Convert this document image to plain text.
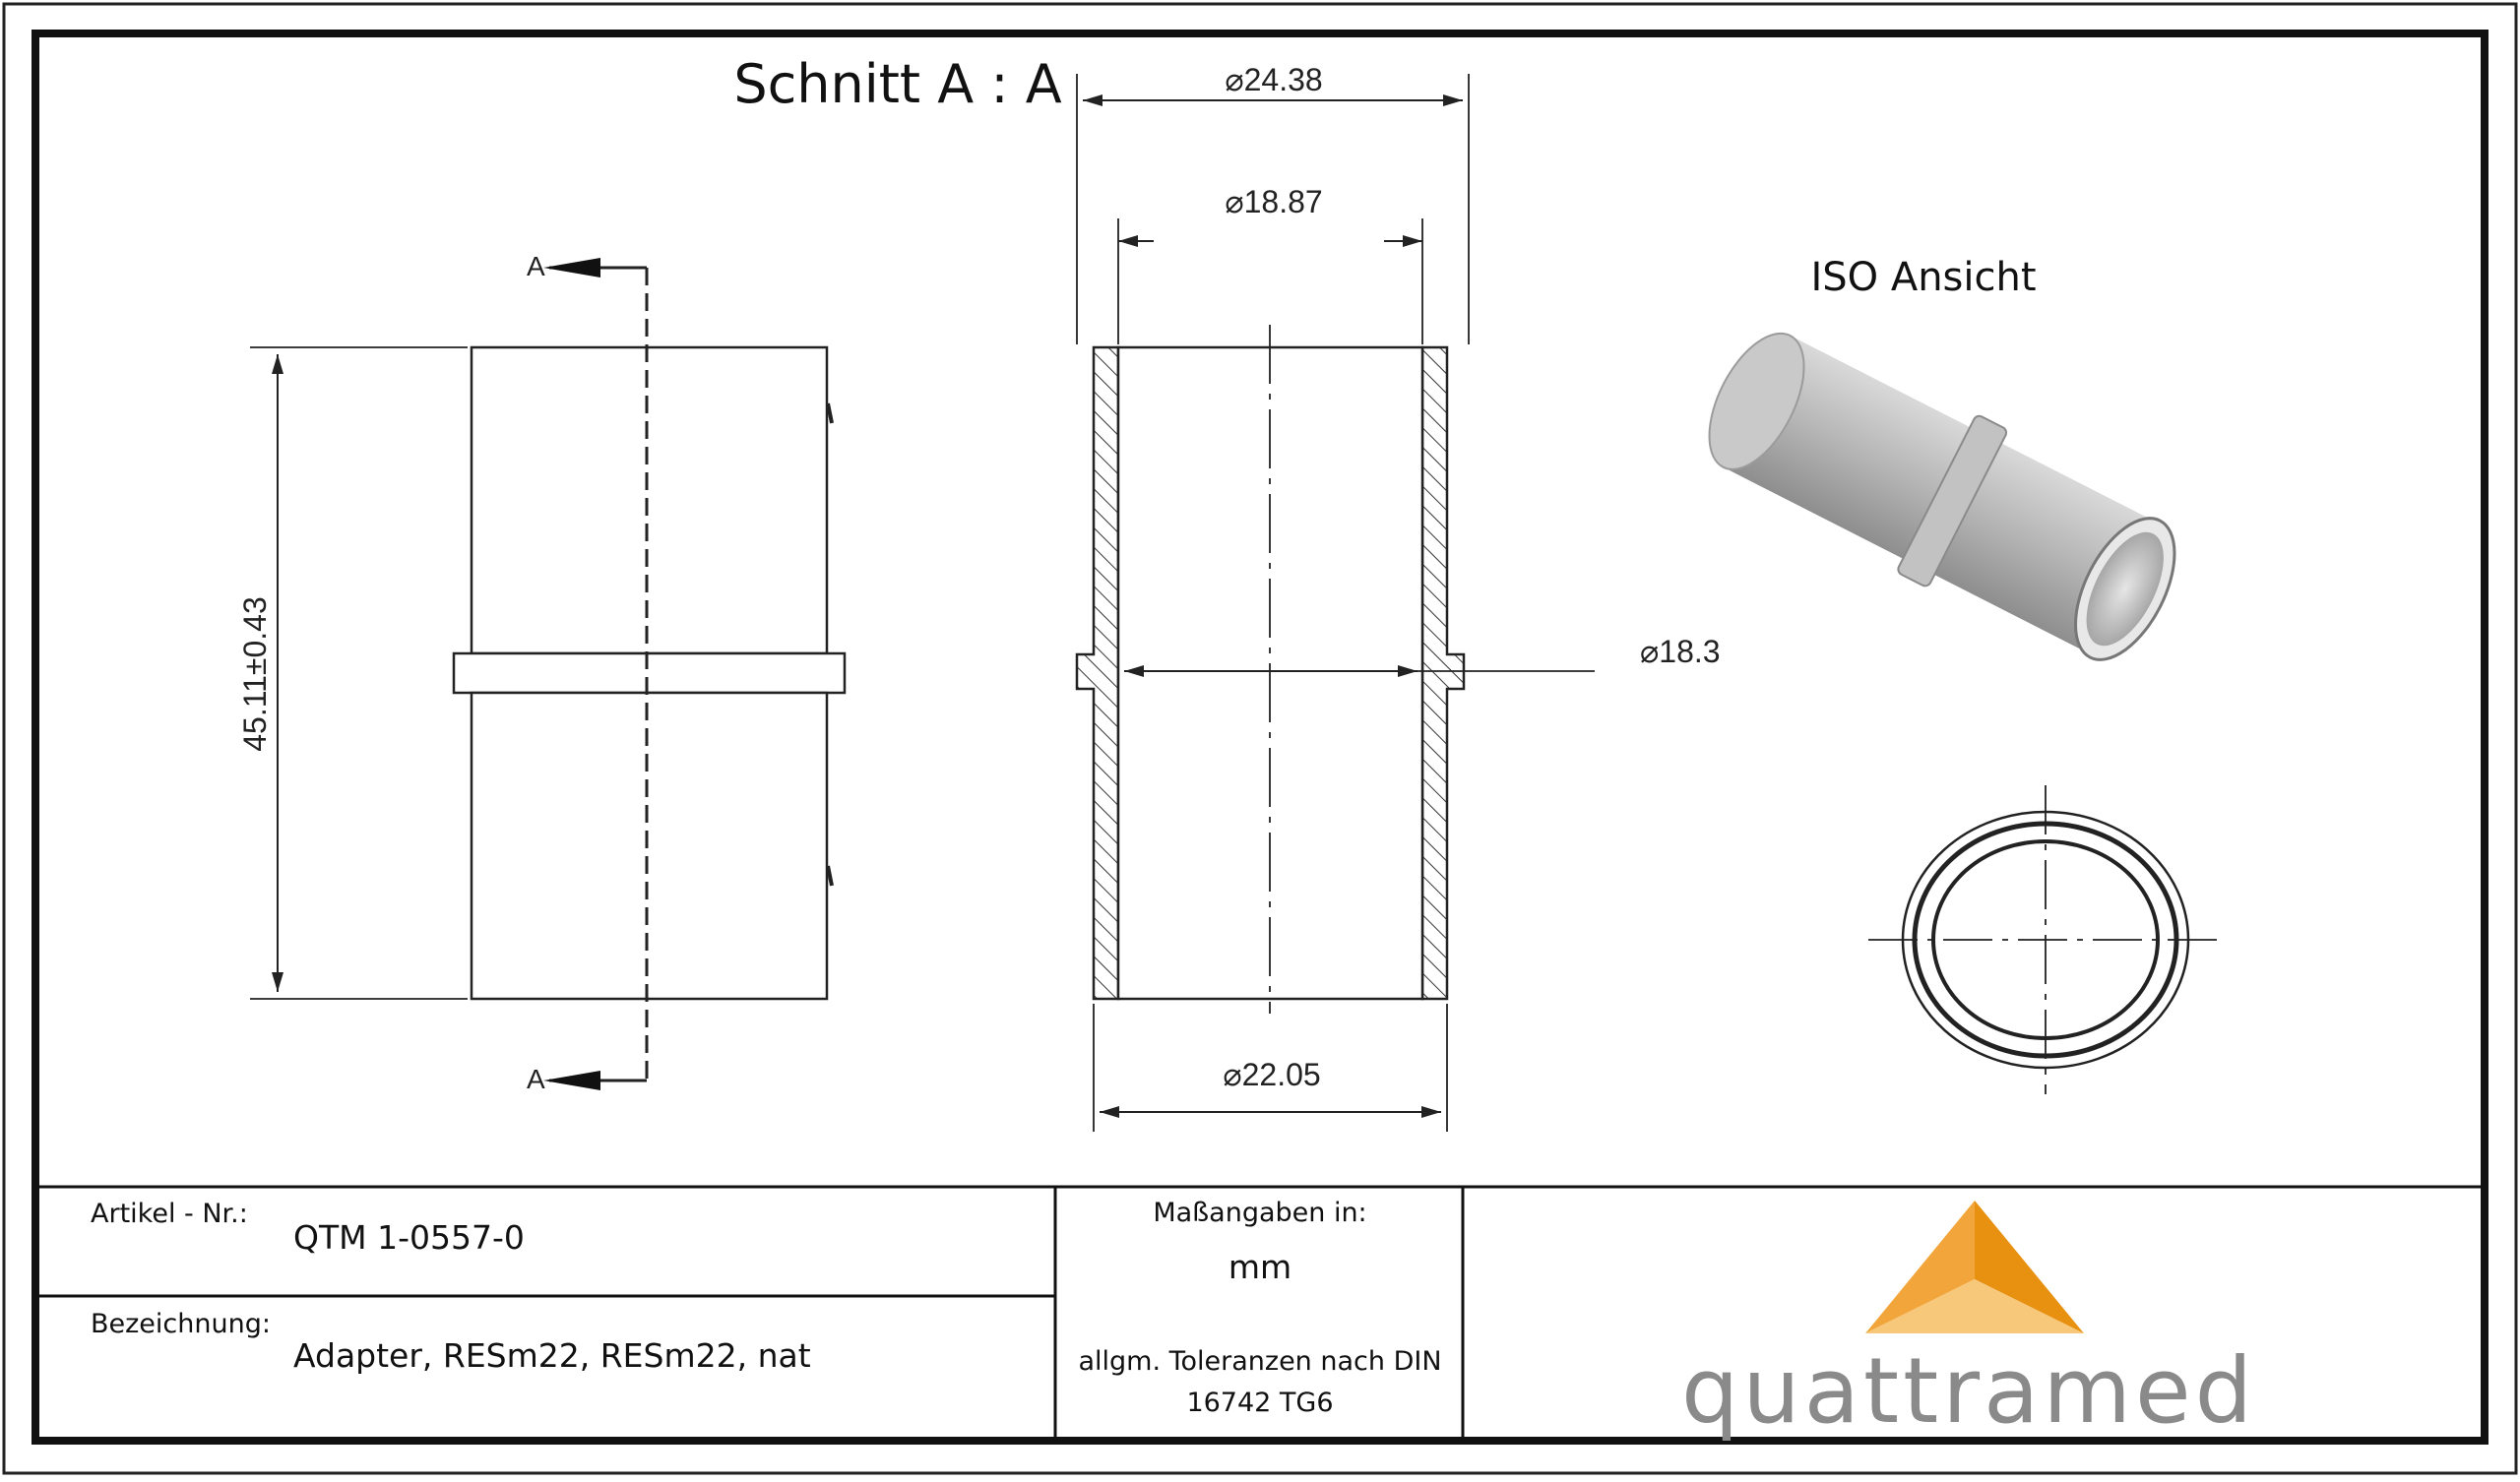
A
A
45.11±0.43
⌀24.38
⌀18.87
⌀18.3
⌀22.05
Schnitt A : A
ISO Ansicht
quattramed
Artikel - Nr.:
QTM 1-0557-0
Bezeichnung:
Adapter, RESm22, RESm22, nat
Maßangaben in:
mm
allgm. Toleranzen nach DIN
16742 TG6
